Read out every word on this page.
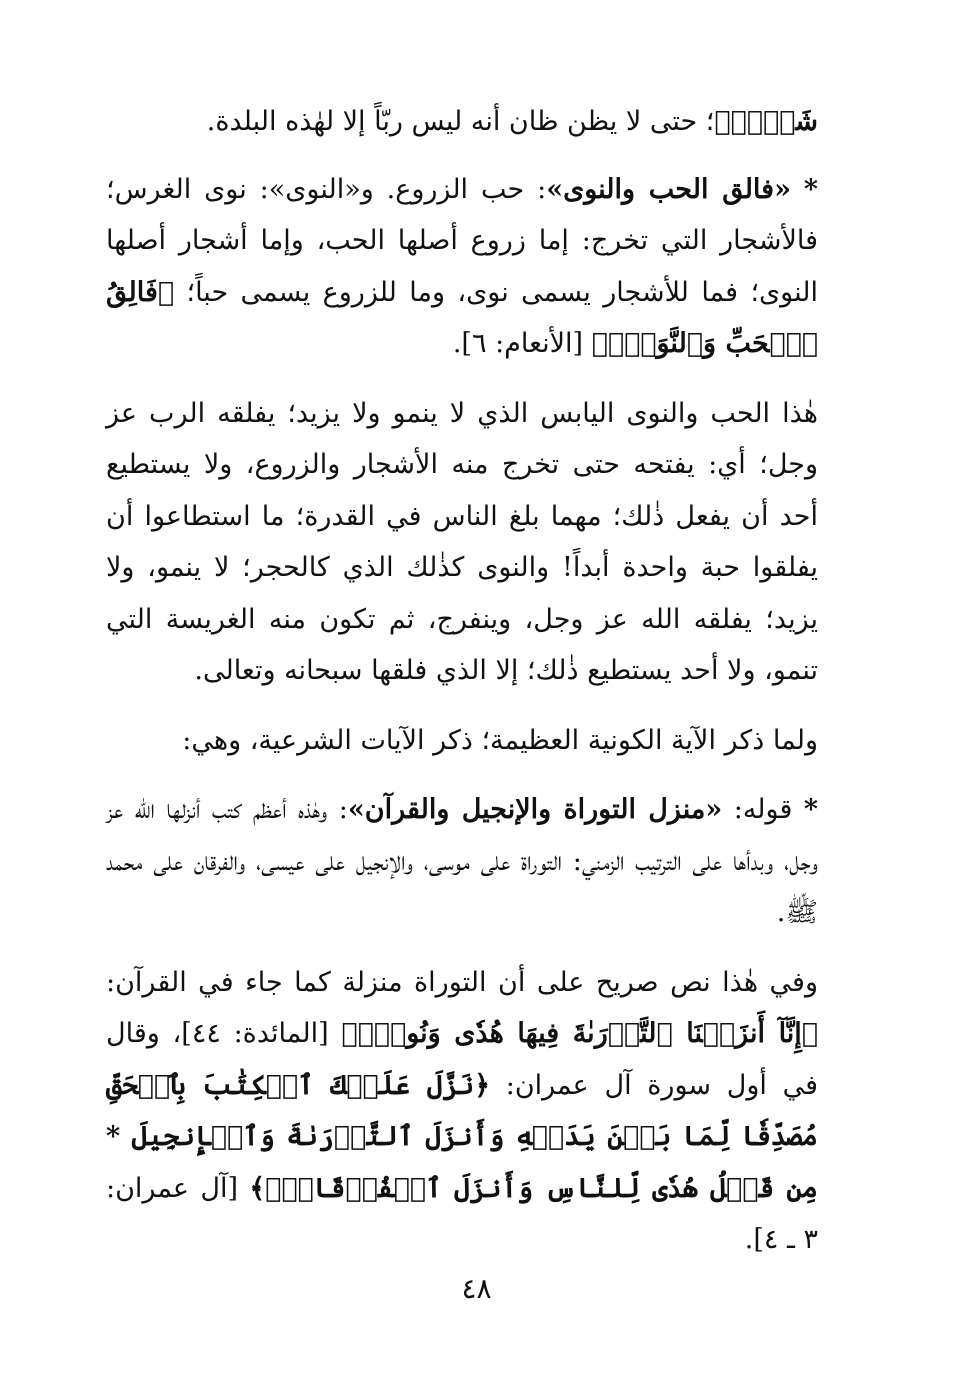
شَيۡءٖ﴾؛ حتى لا يظن ظان أنه ليس ربّاً إلا لهٰذه البلدة.

* «فالق الحب والنوى»: حب الزروع. و«النوى»: نوى الغرس؛ فالأشجار التي تخرج: إما زروع أصلها الحب، وإما أشجار أصلها النوى؛ فما للأشجار يسمى نوى، وما للزروع يسمى حباً؛ ﴿فَالِقُ ٱلۡحَبِّ وَٱلنَّوَىٰۖ﴾ [الأنعام: ٦].

هٰذا الحب والنوى اليابس الذي لا ينمو ولا يزيد؛ يفلقه الرب عز وجل؛ أي: يفتحه حتى تخرج منه الأشجار والزروع، ولا يستطيع أحد أن يفعل ذٰلك؛ مهما بلغ الناس في القدرة؛ ما استطاعوا أن يفلقوا حبة واحدة أبداً! والنوى كذٰلك الذي كالحجر؛ لا ينمو، ولا يزيد؛ يفلقه الله عز وجل، وينفرج، ثم تكون منه الغريسة التي تنمو، ولا أحد يستطيع ذٰلك؛ إلا الذي فلقها سبحانه وتعالى.

ولما ذكر الآية الكونية العظيمة؛ ذكر الآيات الشرعية، وهي:

* قوله: «منزل التوراة والإنجيل والقرآن»: وهٰذه أعظم كتب أنزلها الله عز وجل، وبدأها على الترتيب الزمني: التوراة على موسى، والإنجيل على عيسى، والفرقان على محمد ﷺ.

وفي هٰذا نص صريح على أن التوراة منزلة كما جاء في القرآن: ﴿إِنَّآ أَنزَلۡنَا ٱلتَّوۡرَىٰةَ فِيهَا هُدٗى وَنُورٞۚ﴾ [المائدة: ٤٤]، وقال في أول سورة آل عمران: ﴿نَزَّلَ عَلَيۡكَ ٱلۡكِتَٰبَ بِٱلۡحَقِّ مُصَدِّقٗا لِّمَا بَيۡنَ يَدَيۡهِ وَأَنزَلَ ٱلتَّوۡرَىٰةَ وَٱلۡإِنجِيلَ * مِن قَبۡلُ هُدٗى لِّلنَّاسِ وَأَنزَلَ ٱلۡفُرۡقَانَۗ﴾ [آل عمران: ٣ ـ ٤].

٤٨
